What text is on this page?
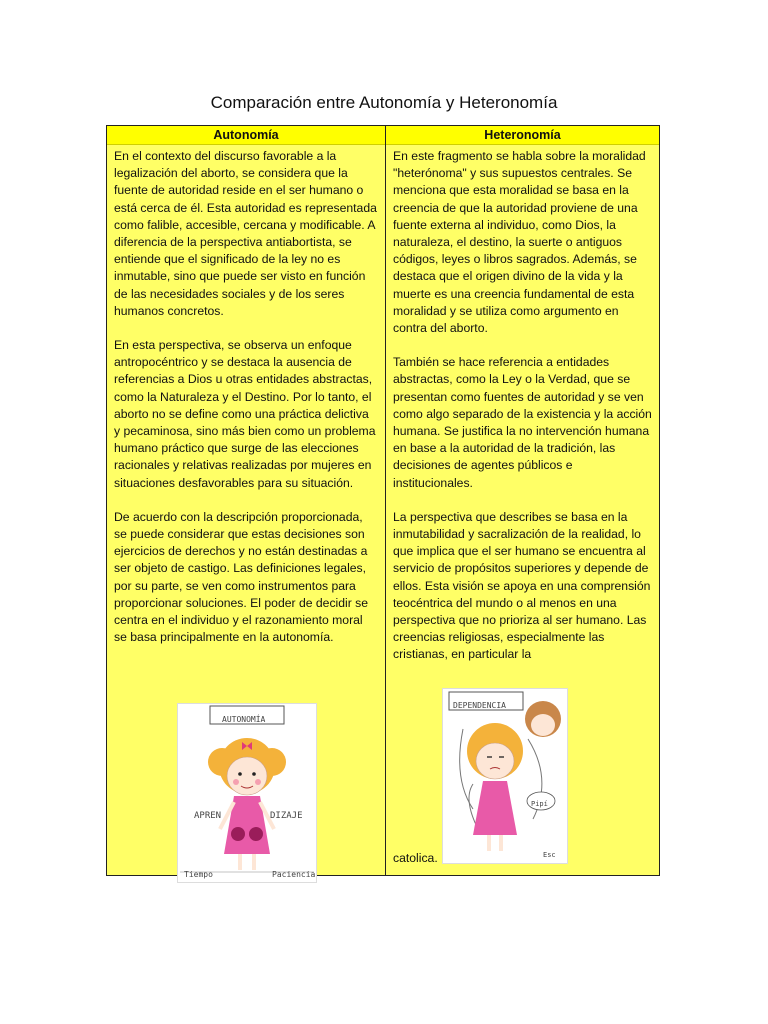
Comparación entre Autonomía y Heteronomía
Autonomía

En el contexto del discurso favorable a la legalización del aborto, se considera que la fuente de autoridad reside en el ser humano o está cerca de él. Esta autoridad es representada como falible, accesible, cercana y modificable. A diferencia de la perspectiva antiabortista, se entiende que el significado de la ley no es inmutable, sino que puede ser visto en función de las necesidades sociales y de los seres humanos concretos.

En esta perspectiva, se observa un enfoque antropocéntrico y se destaca la ausencia de referencias a Dios u otras entidades abstractas, como la Naturaleza y el Destino. Por lo tanto, el aborto no se define como una práctica delictiva y pecaminosa, sino más bien como un problema humano práctico que surge de las elecciones racionales y relativas realizadas por mujeres en situaciones desfavorables para su situación.

De acuerdo con la descripción proporcionada, se puede considerar que estas decisiones son ejercicios de derechos y no están destinadas a ser objeto de castigo. Las definiciones legales, por su parte, se ven como instrumentos para proporcionar soluciones. El poder de decidir se centra en el individuo y el razonamiento moral se basa principalmente en la autonomía.

AUTONOMÍA
APREN	DIZAJE
Tiempo	Paciencia
Heteronomía

En este fragmento se habla sobre la moralidad "heterónoma" y sus supuestos centrales. Se menciona que esta moralidad se basa en la creencia de que la autoridad proviene de una fuente externa al individuo, como Dios, la naturaleza, el destino, la suerte o antiguos códigos, leyes o libros sagrados. Además, se destaca que el origen divino de la vida y la muerte es una creencia fundamental de esta moralidad y se utiliza como argumento en contra del aborto.

También se hace referencia a entidades abstractas, como la Ley o la Verdad, que se presentan como fuentes de autoridad y se ven como algo separado de la existencia y la acción humana. Se justifica la no intervención humana en base a la autoridad de la tradición, las decisiones de agentes públicos e institucionales.

La perspectiva que describes se basa en la inmutabilidad y sacralización de la realidad, lo que implica que el ser humano se encuentra al servicio de propósitos superiores y depende de ellos. Esta visión se apoya en una comprensión teocéntrica del mundo o al menos en una perspectiva que no prioriza al ser humano. Las creencias religiosas, especialmente las cristianas, en particular la

DEPENDENCIA
Pipí
Esc
catolica.
